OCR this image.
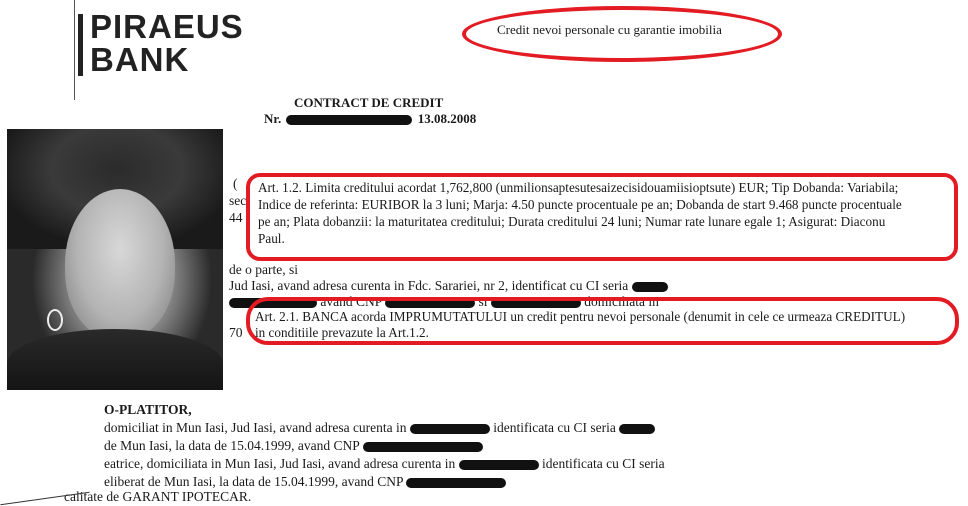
PIRAEUS
BANK
Credit nevoi personale cu garantie imobilia
CONTRACT DE CREDIT
Nr.	13.08.2008
(
sec
44
Art. 1.2. Limita creditului acordat 1,762,800 (unmilionsaptesutesaizecisidouamiisioptsute) EUR; Tip Dobanda: Variabila;
Indice de referinta: EURIBOR la 3 luni; Marja: 4.50 puncte procentuale pe an; Dobanda de start 9.468 puncte procentuale
pe an; Plata dobanzii: la maturitatea creditului; Durata creditului 24 luni; Numar rate lunare egale 1; Asigurat: Diaconu
Paul.
de o parte, si
Jud Iasi, avand adresa curenta in Fdc. Sarariei, nr 2, identificat cu CI seria
avand CNP	si	domiciliata in
70
Art. 2.1. BANCA acorda IMPRUMUTATULUI un credit pentru nevoi personale (denumit in cele ce urmeaza CREDITUL)
in conditiile prevazute la Art.1.2.
O-PLATITOR,
domiciliat in Mun Iasi, Jud Iasi, avand adresa curenta in	identificata cu CI seria
de Mun Iasi, la data de 15.04.1999, avand CNP
eatrice, domiciliata in Mun Iasi, Jud Iasi, avand adresa curenta in	identificata cu CI seria
eliberat de Mun Iasi, la data de 15.04.1999, avand CNP
calitate de GARANT IPOTECAR.
